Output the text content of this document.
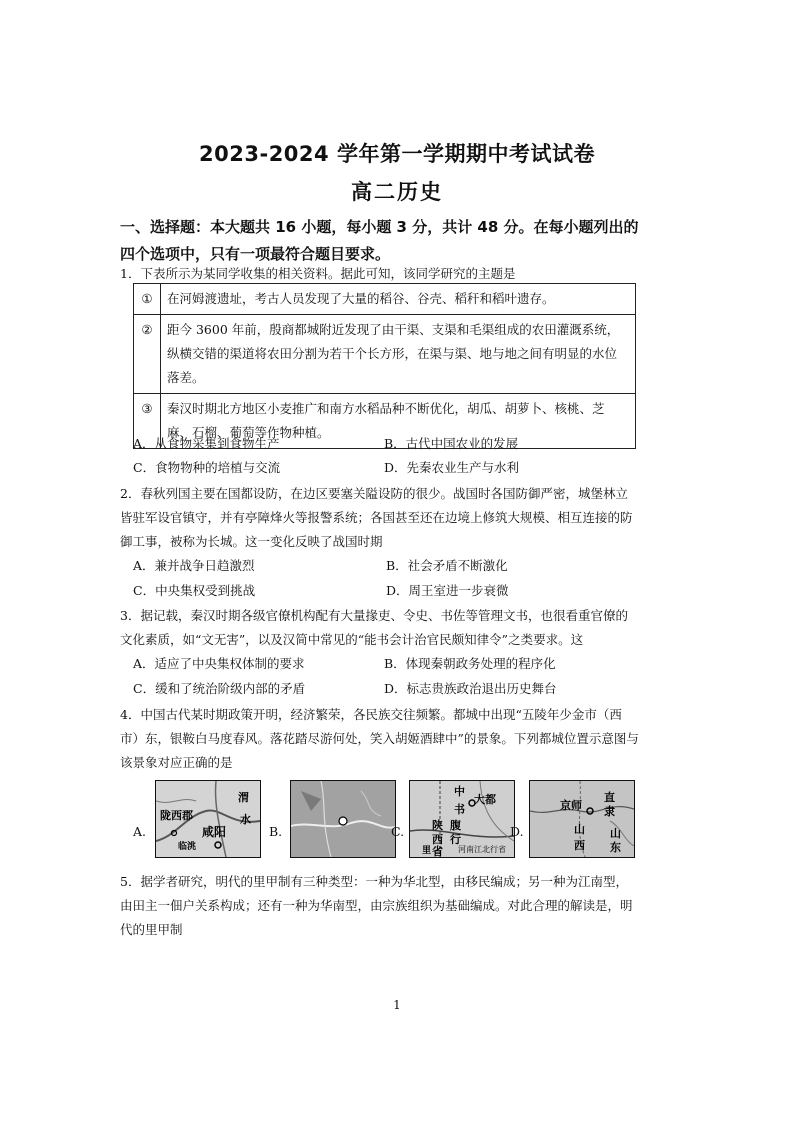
2023-2024 学年第一学期期中考试试卷
高二历史
一、选择题：本大题共 16 小题，每小题 3 分，共计 48 分。在每小题列出的四个选项中，只有一项最符合题目要求。
1．下表所示为某同学收集的相关资料。据此可知，该同学研究的主题是
①	在河姆渡遗址，考古人员发现了大量的稻谷、谷壳、稻秆和稻叶遗存。
②	距今 3600 年前，殷商都城附近发现了由干渠、支渠和毛渠组成的农田灌溉系统，纵横交错的渠道将农田分割为若干个长方形，在渠与渠、地与地之间有明显的水位落差。
③	秦汉时期北方地区小麦推广和南方水稻品种不断优化，胡瓜、胡萝卜、核桃、芝麻、石榴、葡萄等作物种植。
A．从食物采集到食物生产	B．古代中国农业的发展
C．食物物种的培植与交流	D．先秦农业生产与水利
2．春秋列国主要在国都设防，在边区要塞关隘设防的很少。战国时各国防御严密，城堡林立皆驻军设官镇守，并有亭障烽火等报警系统；各国甚至还在边境上修筑大规模、相互连接的防御工事，被称为长城。这一变化反映了战国时期
A．兼并战争日趋激烈	B．社会矛盾不断激化
C．中央集权受到挑战	D．周王室进一步衰微
3．据记载，秦汉时期各级官僚机构配有大量掾吏、令史、书佐等管理文书，也很看重官僚的文化素质，如“文无害”，以及汉简中常见的“能书会计治官民颇知律令”之类要求。这
A．适应了中央集权体制的要求	B．体现秦朝政务处理的程序化
C．缓和了统治阶级内部的矛盾	D．标志贵族政治退出历史舞台
4．中国古代某时期政策开明，经济繁荣，各民族交往频繁。都城中出现“五陵年少金市（西市）东，银鞍白马度春风。落花踏尽游何处，笑入胡姬酒肆中”的景象。下列都城位置示意图与该景象对应正确的是
A.
陇西郡
咸阳
渭
水
临洮
B.	C.
中
大都
书
陕 腹
西 行
省
里	河南江北行省
D.
京师
直
隶
山
西
山
东
5．据学者研究，明代的里甲制有三种类型：一种为华北型，由移民编成；另一种为江南型，由田主一佃户关系构成；还有一种为华南型，由宗族组织为基础编成。对此合理的解读是，明代的里甲制
1
